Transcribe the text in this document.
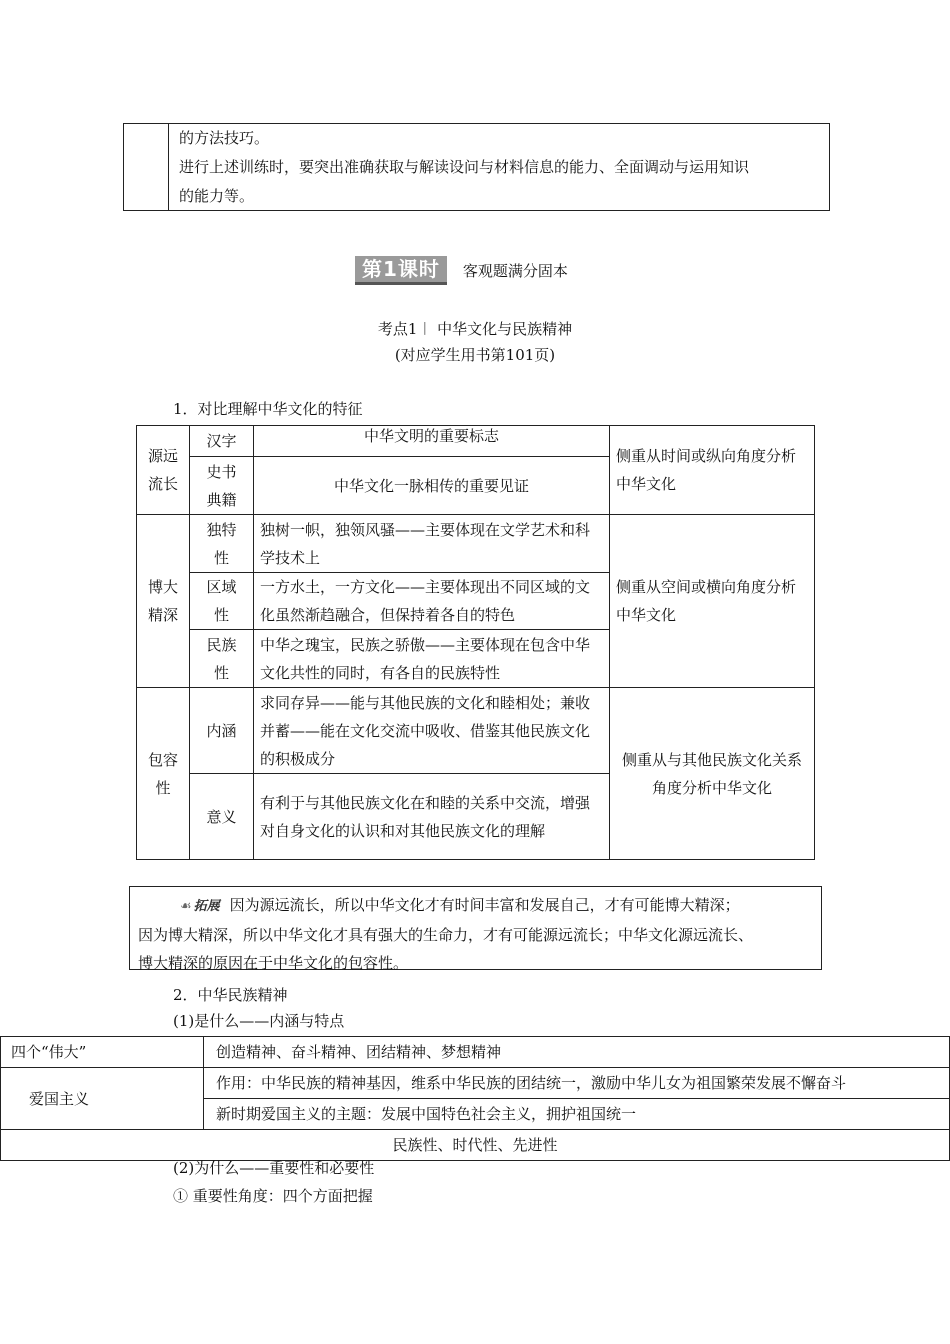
的方法技巧。
进行上述训练时，要突出准确获取与解读设问与材料信息的能力、全面调动与运用知识
的能力等。
第1课时	客观题满分固本
考点1︱ 中华文化与民族精神
(对应学生用书第101页)
1．对比理解中华文化的特征
源远流长	汉字	中华文明的重要标志	侧重从时间或纵向角度分析中华文化

	史书典籍	中华文化一脉相传的重要见证	

博大精深	独特性	独树一帜，独领风骚——主要体现在文学艺术和科学技术上	侧重从空间或横向角度分析中华文化

	区域性	一方水土，一方文化——主要体现出不同区域的文化虽然渐趋融合，但保持着各自的特色	

	民族性	中华之瑰宝，民族之骄傲——主要体现在包含中华文化共性的同时，有各自的民族特性	

包容性	内涵	求同存异——能与其他民族的文化和睦相处；兼收并蓄——能在文化交流中吸收、借鉴其他民族文化的积极成分	侧重从与其他民族文化关系角度分析中华文化
	意义	有利于与其他民族文化在和睦的关系中交流，增强对自身文化的认识和对其他民族文化的理解	
☙ 拓展 因为源远流长，所以中华文化才有时间丰富和发展自己，才有可能博大精深；
因为博大精深，所以中华文化才具有强大的生命力，才有可能源远流长；中华文化源远流长、
博大精深的原因在于中华文化的包容性。
2．中华民族精神
(1)是什么——内涵与特点
四个“伟大”	创造精神、奋斗精神、团结精神、梦想精神
爱国主义	作用：中华民族的精神基因，维系中华民族的团结统一，激励中华儿女为祖国繁荣发展不懈奋斗
	新时期爱国主义的主题：发展中国特色社会主义，拥护祖国统一
民族性、时代性、先进性	
(2)为什么——重要性和必要性
① 重要性角度：四个方面把握
